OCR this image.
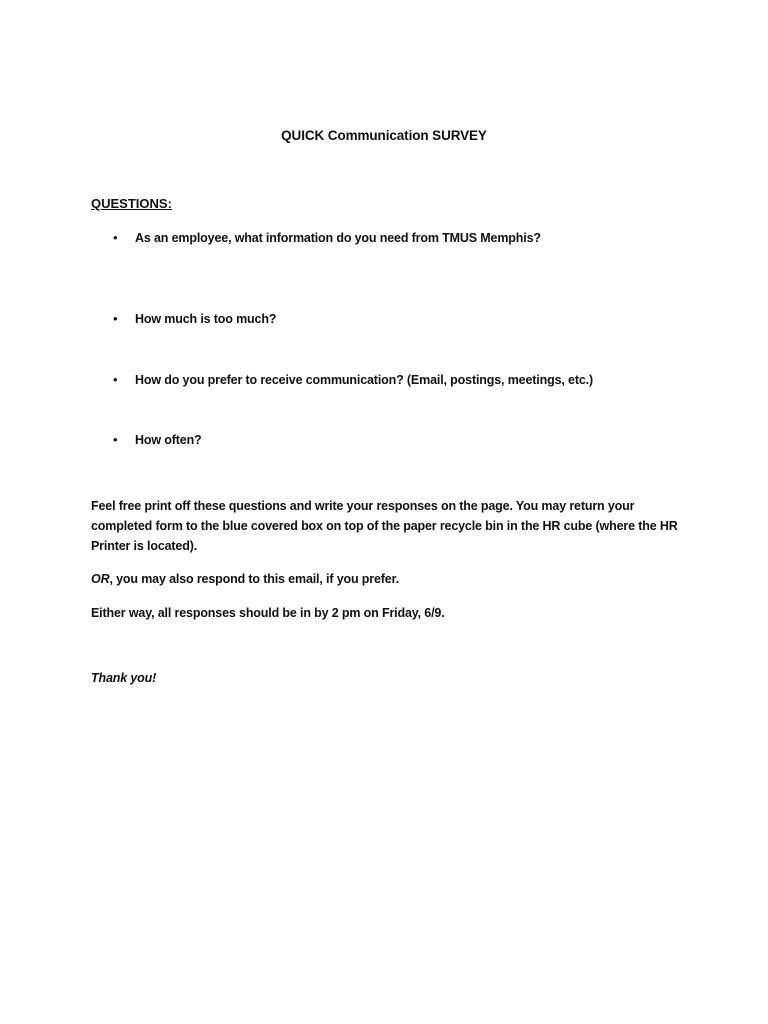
QUICK Communication SURVEY
QUESTIONS:
•	As an employee, what information do you need from TMUS Memphis?
•	How much is too much?
•	How do you prefer to receive communication? (Email, postings, meetings, etc.)
•	How often?
Feel free print off these questions and write your responses on the page. You may return your
completed form to the blue covered box on top of the paper recycle bin in the HR cube (where the HR
Printer is located).
OR, you may also respond to this email, if you prefer.
Either way, all responses should be in by 2 pm on Friday, 6/9.
Thank you!
